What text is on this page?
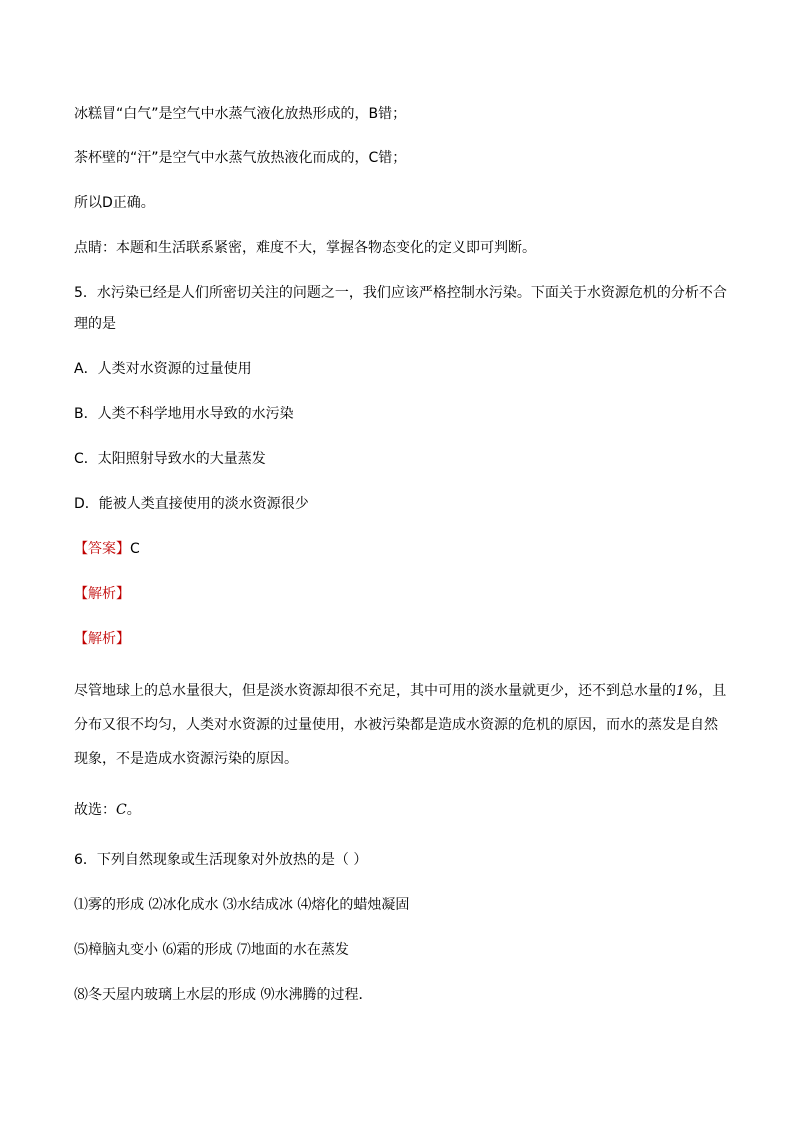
冰糕冒“白气”是空气中水蒸气液化放热形成的，B错；
茶杯壁的“汗”是空气中水蒸气放热液化而成的，C错；
所以D正确。
点睛：本题和生活联系紧密，难度不大，掌握各物态变化的定义即可判断。
5．水污染已经是人们所密切关注的问题之一，我们应该严格控制水污染。下面关于水资源危机的分析不合
理的是
A．人类对水资源的过量使用
B．人类不科学地用水导致的水污染
C．太阳照射导致水的大量蒸发
D．能被人类直接使用的淡水资源很少
【答案】C
【解析】
【解析】
尽管地球上的总水量很大，但是淡水资源却很不充足，其中可用的淡水量就更少，还不到总水量的1%，且
分布又很不均匀，人类对水资源的过量使用，水被污染都是造成水资源的危机的原因，而水的蒸发是自然
现象，不是造成水资源污染的原因。
故选：C。
6．下列自然现象或生活现象对外放热的是（ ）
⑴雾的形成 ⑵冰化成水 ⑶水结成冰 ⑷熔化的蜡烛凝固
⑸樟脑丸变小 ⑹霜的形成 ⑺地面的水在蒸发
⑻冬天屋内玻璃上水层的形成 ⑼水沸腾的过程．
